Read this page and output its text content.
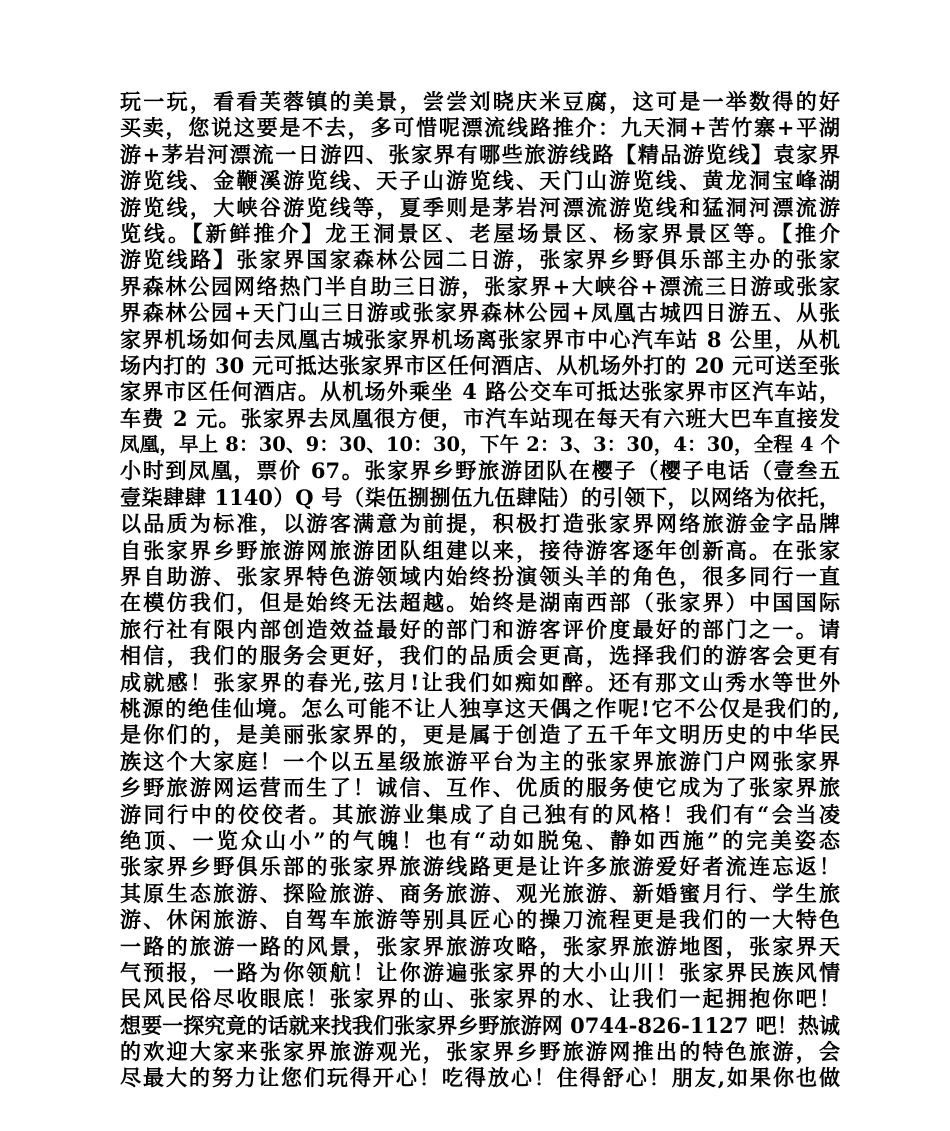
玩一玩，看看芙蓉镇的美景，尝尝刘晓庆米豆腐，这可是一举数得的好
买卖，您说这要是不去，多可惜呢漂流线路推介：九天洞+苦竹寨+平湖
游+茅岩河漂流一日游四、张家界有哪些旅游线路【精品游览线】袁家界
游览线、金鞭溪游览线、天子山游览线、天门山游览线、黄龙洞宝峰湖
游览线，大峡谷游览线等，夏季则是茅岩河漂流游览线和猛洞河漂流游
览线。【新鲜推介】龙王洞景区、老屋场景区、杨家界景区等。【推介
游览线路】张家界国家森林公园二日游，张家界乡野俱乐部主办的张家
界森林公园网络热门半自助三日游，张家界+大峡谷+漂流三日游或张家
界森林公园+天门山三日游或张家界森林公园+凤凰古城四日游五、从张
家界机场如何去凤凰古城张家界机场离张家界市中心汽车站 8 公里，从机
场内打的 30 元可抵达张家界市区任何酒店、从机场外打的 20 元可送至张
家界市区任何酒店。从机场外乘坐 4 路公交车可抵达张家界市区汽车站，
车费 2 元。张家界去凤凰很方便，市汽车站现在每天有六班大巴车直接发
凤凰，早上 8：30、9：30、10：30，下午 2：3、3：30，4：30，全程 4 个
小时到凤凰，票价 67。张家界乡野旅游团队在樱子（樱子电话（壹叁五
壹柒肆肆 1140）Q 号（柒伍捌捌伍九伍肆陆）的引领下，以网络为依托，
以品质为标准，以游客满意为前提，积极打造张家界网络旅游金字品牌
自张家界乡野旅游网旅游团队组建以来，接待游客逐年创新高。在张家
界自助游、张家界特色游领域内始终扮演领头羊的角色，很多同行一直
在模仿我们，但是始终无法超越。始终是湖南西部（张家界）中国国际
旅行社有限内部创造效益最好的部门和游客评价度最好的部门之一。请
相信，我们的服务会更好，我们的品质会更高，选择我们的游客会更有
成就感！张家界的春光,弦月!让我们如痴如醉。还有那文山秀水等世外
桃源的绝佳仙境。怎么可能不让人独享这天偶之作呢!它不公仅是我们的,
是你们的，是美丽张家界的，更是属于创造了五千年文明历史的中华民
族这个大家庭！一个以五星级旅游平台为主的张家界旅游门户网张家界
乡野旅游网运营而生了！诚信、互作、优质的服务使它成为了张家界旅
游同行中的佼佼者。其旅游业集成了自己独有的风格！我们有“会当凌
绝顶、一览众山小”的气魄！也有“动如脱兔、静如西施”的完美姿态
张家界乡野俱乐部的张家界旅游线路更是让许多旅游爱好者流连忘返！
其原生态旅游、探险旅游、商务旅游、观光旅游、新婚蜜月行、学生旅
游、休闲旅游、自驾车旅游等别具匠心的操刀流程更是我们的一大特色
一路的旅游一路的风景，张家界旅游攻略，张家界旅游地图，张家界天
气预报，一路为你领航！让你游遍张家界的大小山川！张家界民族风情
民风民俗尽收眼底！张家界的山、张家界的水、让我们一起拥抱你吧！
想要一探究竟的话就来找我们张家界乡野旅游网 0744-826-1127 吧！热诚
的欢迎大家来张家界旅游观光，张家界乡野旅游网推出的特色旅游，会
尽最大的努力让您们玩得开心！吃得放心！住得舒心！朋友,如果你也做
